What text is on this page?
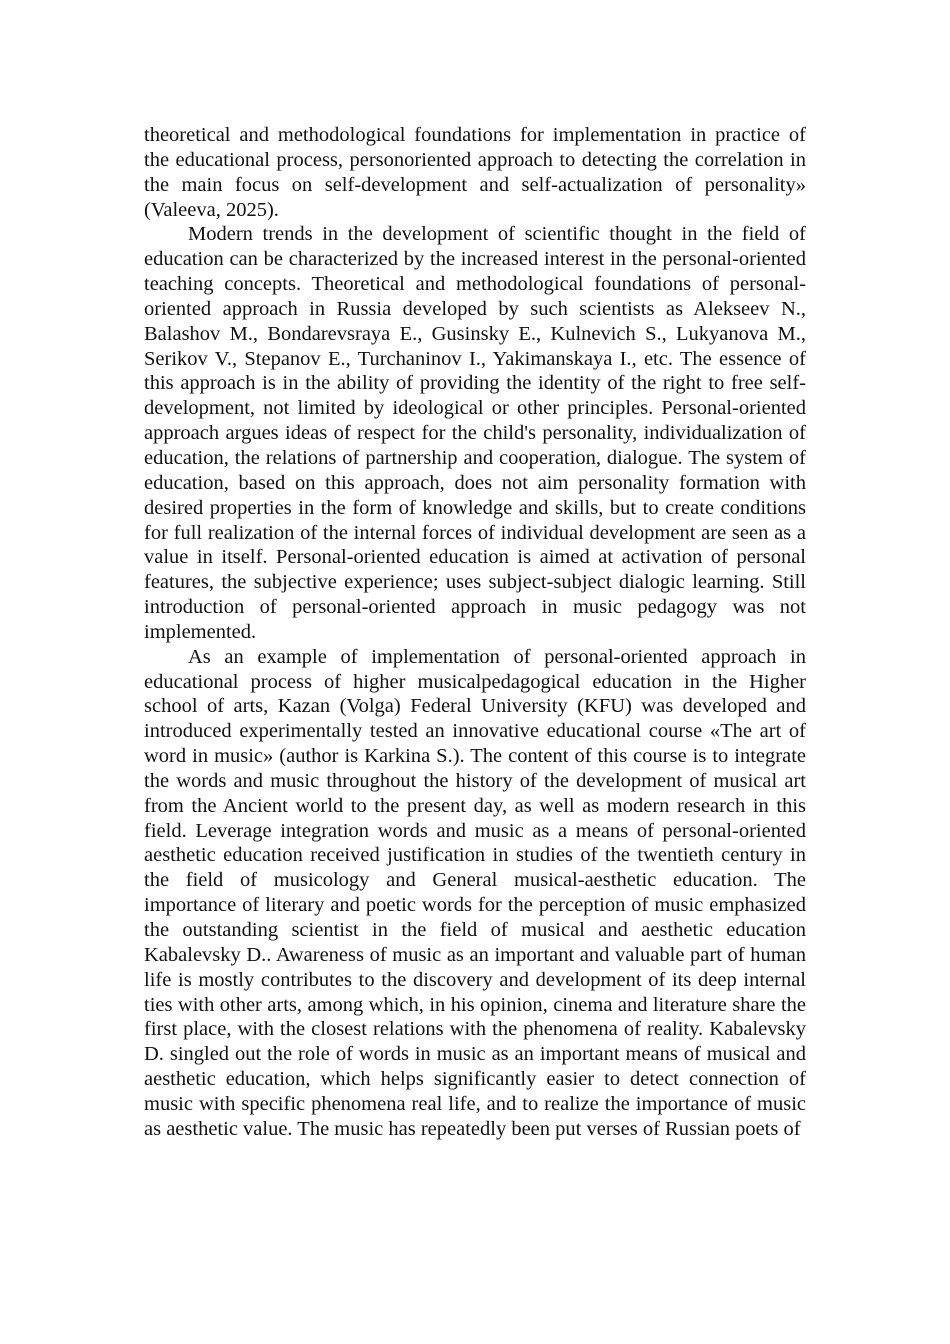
theoretical and methodological foundations for implementation in practice of the educational process, personoriented approach to detecting the correlation in the main focus on self-development and self-actualization of personality» (Valeeva, 2025).

Modern trends in the development of scientific thought in the field of education can be characterized by the increased interest in the personal-oriented teaching concepts. Theoretical and methodological foundations of personal-oriented approach in Russia developed by such scientists as Alekseev N., Balashov M., Bondarevsraya E., Gusinsky E., Kulnevich S., Lukyanova M., Serikov V., Stepanov E., Turchaninov I., Yakimanskaya I., etc. The essence of this approach is in the ability of providing the identity of the right to free self-development, not limited by ideological or other principles. Personal-oriented approach argues ideas of respect for the child's personality, individualization of education, the relations of partnership and cooperation, dialogue. The system of education, based on this approach, does not aim personality formation with desired properties in the form of knowledge and skills, but to create conditions for full realization of the internal forces of individual development are seen as a value in itself. Personal-oriented education is aimed at activation of personal features, the subjective experience; uses subject-subject dialogic learning. Still introduction of personal-oriented approach in music pedagogy was not implemented.

As an example of implementation of personal-oriented approach in educational process of higher musicalpedagogical education in the Higher school of arts, Kazan (Volga) Federal University (KFU) was developed and introduced experimentally tested an innovative educational course «The art of word in music» (author is Karkina S.). The content of this course is to integrate the words and music throughout the history of the development of musical art from the Ancient world to the present day, as well as modern research in this field. Leverage integration words and music as a means of personal-oriented aesthetic education received justification in studies of the twentieth century in the field of musicology and General musical-aesthetic education. The importance of literary and poetic words for the perception of music emphasized the outstanding scientist in the field of musical and aesthetic education Kabalevsky D.. Awareness of music as an important and valuable part of human life is mostly contributes to the discovery and development of its deep internal ties with other arts, among which, in his opinion, cinema and literature share the first place, with the closest relations with the phenomena of reality. Kabalevsky D. singled out the role of words in music as an important means of musical and aesthetic education, which helps significantly easier to detect connection of music with specific phenomena real life, and to realize the importance of music as aesthetic value. The music has repeatedly been put verses of Russian poets of
